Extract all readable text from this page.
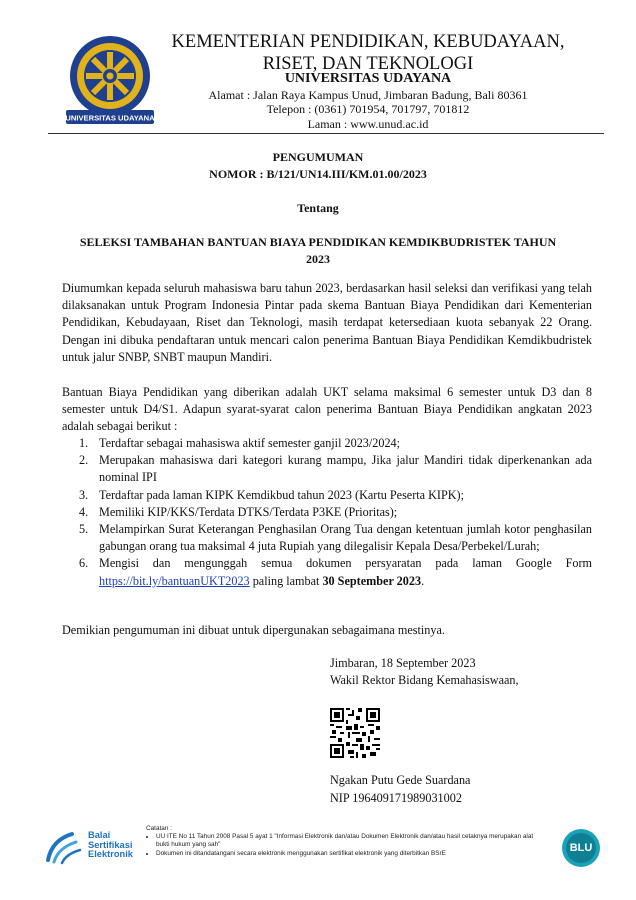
UNIVERSITAS UDAYANA
KEMENTERIAN PENDIDIKAN, KEBUDAYAAN,
RISET, DAN TEKNOLOGI
UNIVERSITAS UDAYANA
Alamat : Jalan Raya Kampus Unud, Jimbaran Badung, Bali 80361
Telepon : (0361) 701954, 701797, 701812
Laman : www.unud.ac.id
PENGUMUMAN
NOMOR : B/121/UN14.III/KM.01.00/2023
Tentang
SELEKSI TAMBAHAN BANTUAN BIAYA PENDIDIKAN KEMDIKBUDRISTEK TAHUN
2023
Diumumkan kepada seluruh mahasiswa baru tahun 2023, berdasarkan hasil seleksi dan verifikasi yang telah dilaksanakan untuk Program Indonesia Pintar pada skema Bantuan Biaya Pendidikan dari Kementerian Pendidikan, Kebudayaan, Riset dan Teknologi, masih terdapat ketersediaan kuota sebanyak 22 Orang. Dengan ini dibuka pendaftaran untuk mencari calon penerima Bantuan Biaya Pendidikan Kemdikbudristek untuk jalur SNBP, SNBT maupun Mandiri.
Bantuan Biaya Pendidikan yang diberikan adalah UKT selama maksimal 6 semester untuk D3 dan 8 semester untuk D4/S1. Adapun syarat-syarat calon penerima Bantuan Biaya Pendidikan angkatan 2023 adalah sebagai berikut :
1. Terdaftar sebagai mahasiswa aktif semester ganjil 2023/2024;
2. Merupakan mahasiswa dari kategori kurang mampu, Jika jalur Mandiri tidak diperkenankan ada nominal IPI
3. Terdaftar pada laman KIPK Kemdikbud tahun 2023 (Kartu Peserta KIPK);
4. Memiliki KIP/KKS/Terdata DTKS/Terdata P3KE (Prioritas);
5. Melampirkan Surat Keterangan Penghasilan Orang Tua dengan ketentuan jumlah kotor penghasilan gabungan orang tua maksimal 4 juta Rupiah yang dilegalisir Kepala Desa/Perbekel/Lurah;
6. Mengisi dan mengunggah semua dokumen persyaratan pada laman Google Form https://bit.ly/bantuanUKT2023 paling lambat 30 September 2023.
Demikian pengumuman ini dibuat untuk dipergunakan sebagaimana mestinya.
Jimbaran, 18 September 2023
Wakil Rektor Bidang Kemahasiswaan,
Ngakan Putu Gede Suardana
NIP 196409171989031002
Balai
Sertifikasi
Elektronik
Catatan :
• UU ITE No 11 Tahun 2008 Pasal 5 ayat 1 "Informasi Elektronik dan/atau Dokumen Elektronik dan/atau hasil cetaknya merupakan alat bukti hukum yang sah"
• Dokumen ini ditandatangani secara elektronik menggunakan sertifikat elektronik yang diterbitkan BSrE	BLU
